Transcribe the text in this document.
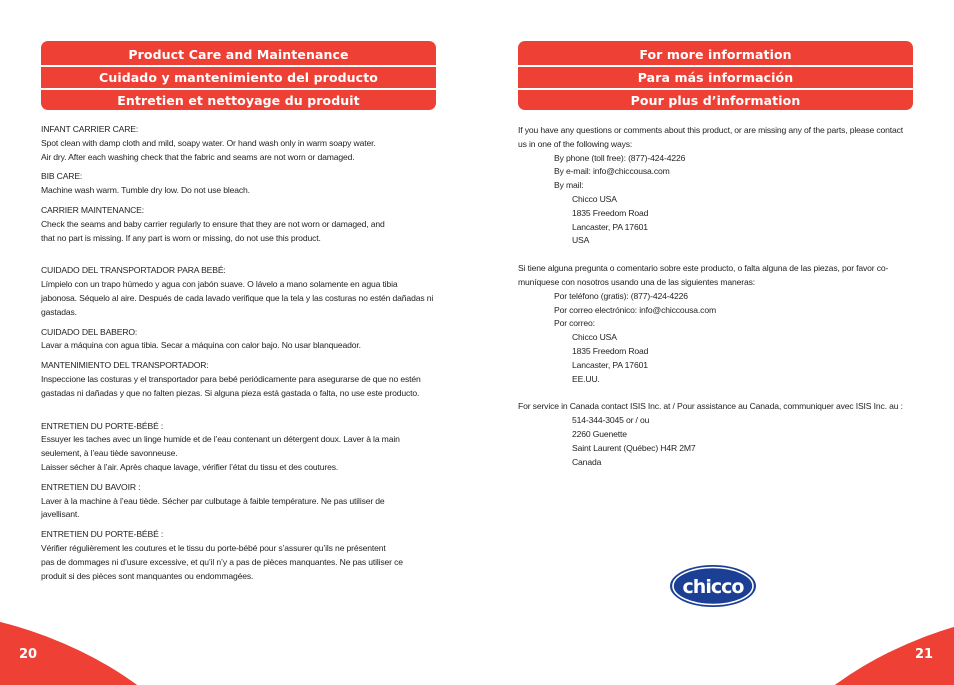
Product Care and Maintenance
Cuidado y mantenimiento del producto
Entretien et nettoyage du produit
INFANT CARRIER CARE:
Spot clean with damp cloth and mild, soapy water. Or hand wash only in warm soapy water.
Air dry. After each washing check that the fabric and seams are not worn or damaged.
BIB CARE:
Machine wash warm. Tumble dry low. Do not use bleach.
CARRIER MAINTENANCE:
Check the seams and baby carrier regularly to ensure that they are not worn or damaged, and
that no part is missing. If any part is worn or missing, do not use this product.
CUIDADO DEL TRANSPORTADOR PARA BEBÉ:
Límpielo con un trapo húmedo y agua con jabón suave. O lávelo a mano solamente en agua tibia
jabonosa. Séquelo al aire. Después de cada lavado verifique que la tela y las costuras no estén dañadas ni
gastadas.
CUIDADO DEL BABERO:
Lavar a máquina con agua tibia. Secar a máquina con calor bajo. No usar blanqueador.
MANTENIMIENTO DEL TRANSPORTADOR:
Inspeccione las costuras y el transportador para bebé periódicamente para asegurarse de que no estén
gastadas ni dañadas y que no falten piezas. Si alguna pieza está gastada o falta, no use este producto.
ENTRETIEN DU PORTE-BÉBÉ :
Essuyer les taches avec un linge humide et de l’eau contenant un détergent doux. Laver à la main
seulement, à l’eau tiède savonneuse.
Laisser sécher à l’air. Après chaque lavage, vérifier l’état du tissu et des coutures.
ENTRETIEN DU BAVOIR :
Laver à la machine à l’eau tiède. Sécher par culbutage à faible température. Ne pas utiliser de
javellisant.
ENTRETIEN DU PORTE-BÉBÉ :
Vérifier régulièrement les coutures et le tissu du porte-bébé pour s’assurer qu’ils ne présentent
pas de dommages ni d’usure excessive, et qu’il n’y a pas de pièces manquantes. Ne pas utiliser ce
produit si des pièces sont manquantes ou endommagées.
20
For more information
Para más información
Pour plus d’information
If you have any questions or comments about this product, or are missing any of the parts, please contact
us in one of the following ways:
By phone (toll free): (877)-424-4226
By e-mail: info@chiccousa.com
By mail:
Chicco USA
1835 Freedom Road
Lancaster, PA 17601
USA
Si tiene alguna pregunta o comentario sobre este producto, o falta alguna de las piezas, por favor co-
muníquese con nosotros usando una de las siguientes maneras:
Por teléfono (gratis): (877)-424-4226
Por correo electrónico: info@chiccousa.com
Por correo:
Chicco USA
1835 Freedom Road
Lancaster, PA 17601
EE.UU.
For service in Canada contact ISIS Inc. at / Pour assistance au Canada, communiquer avec ISIS Inc. au :
514-344-3045 or / ou
2260 Guenette
Saint Laurent (Québec) H4R 2M7
Canada
chicco
21
